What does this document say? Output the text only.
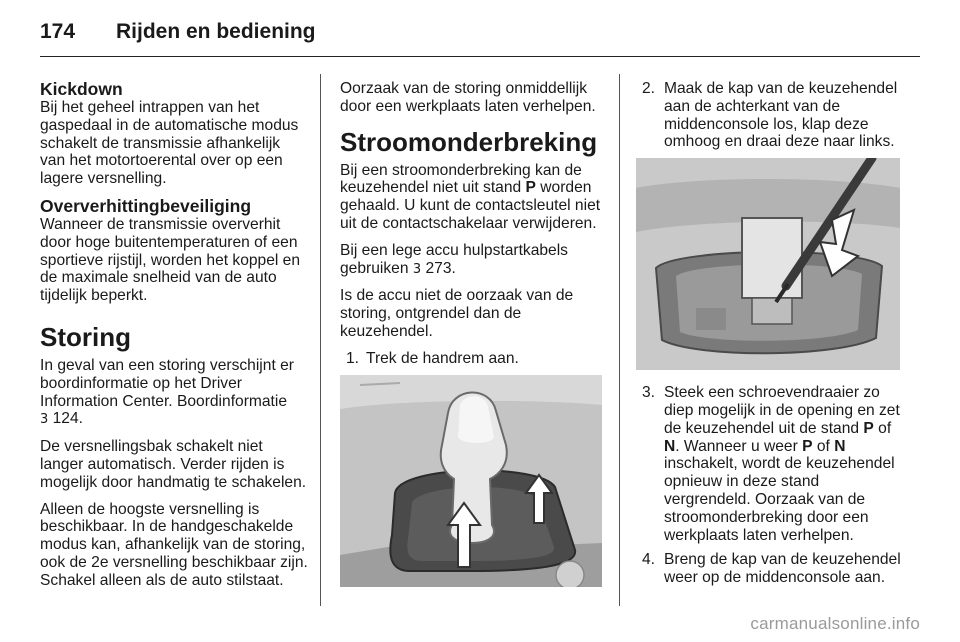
174 Rijden en bediening
Kickdown

Bij het geheel intrappen van het gaspedaal in de automatische modus schakelt de transmissie afhankelijk van het motortoerental over op een lagere versnelling.

Oververhittingbeveiliging

Wanneer de transmissie oververhit door hoge buitentemperaturen of een sportieve rijstijl, worden het koppel en de maximale snelheid van de auto tijdelijk beperkt.

Storing

In geval van een storing verschijnt er boordinformatie op het Driver Information Center. Boordinformatie
3 124.

De versnellingsbak schakelt niet langer automatisch. Verder rijden is mogelijk door handmatig te schakelen.

Alleen de hoogste versnelling is beschikbaar. In de handgeschakelde modus kan, afhankelijk van de storing, ook de 2e versnelling beschikbaar zijn. Schakel alleen als de auto stilstaat.

Oorzaak van de storing onmiddellijk door een werkplaats laten verhelpen.

Stroomonderbreking

Bij een stroomonderbreking kan de keuzehendel niet uit stand P worden gehaald. U kunt de contactsleutel niet uit de contactschakelaar verwijderen.

Bij een lege accu hulpstartkabels gebruiken 3 273.

Is de accu niet de oorzaak van de storing, ontgrendel dan de keuzehendel.

1. Trek de handrem aan.
2. Maak de kap van de keuzehendel aan de achterkant van de middenconsole los, klap deze omhoog en draai deze naar links.
3. Steek een schroevendraaier zo diep mogelijk in de opening en zet de keuzehendel uit de stand P of N. Wanneer u weer P of N inschakelt, wordt de keuzehendel opnieuw in deze stand vergrendeld. Oorzaak van de stroomonderbreking door een werkplaats laten verhelpen.
4. Breng de kap van de keuzehendel weer op de middenconsole aan.
carmanualsonline.info
